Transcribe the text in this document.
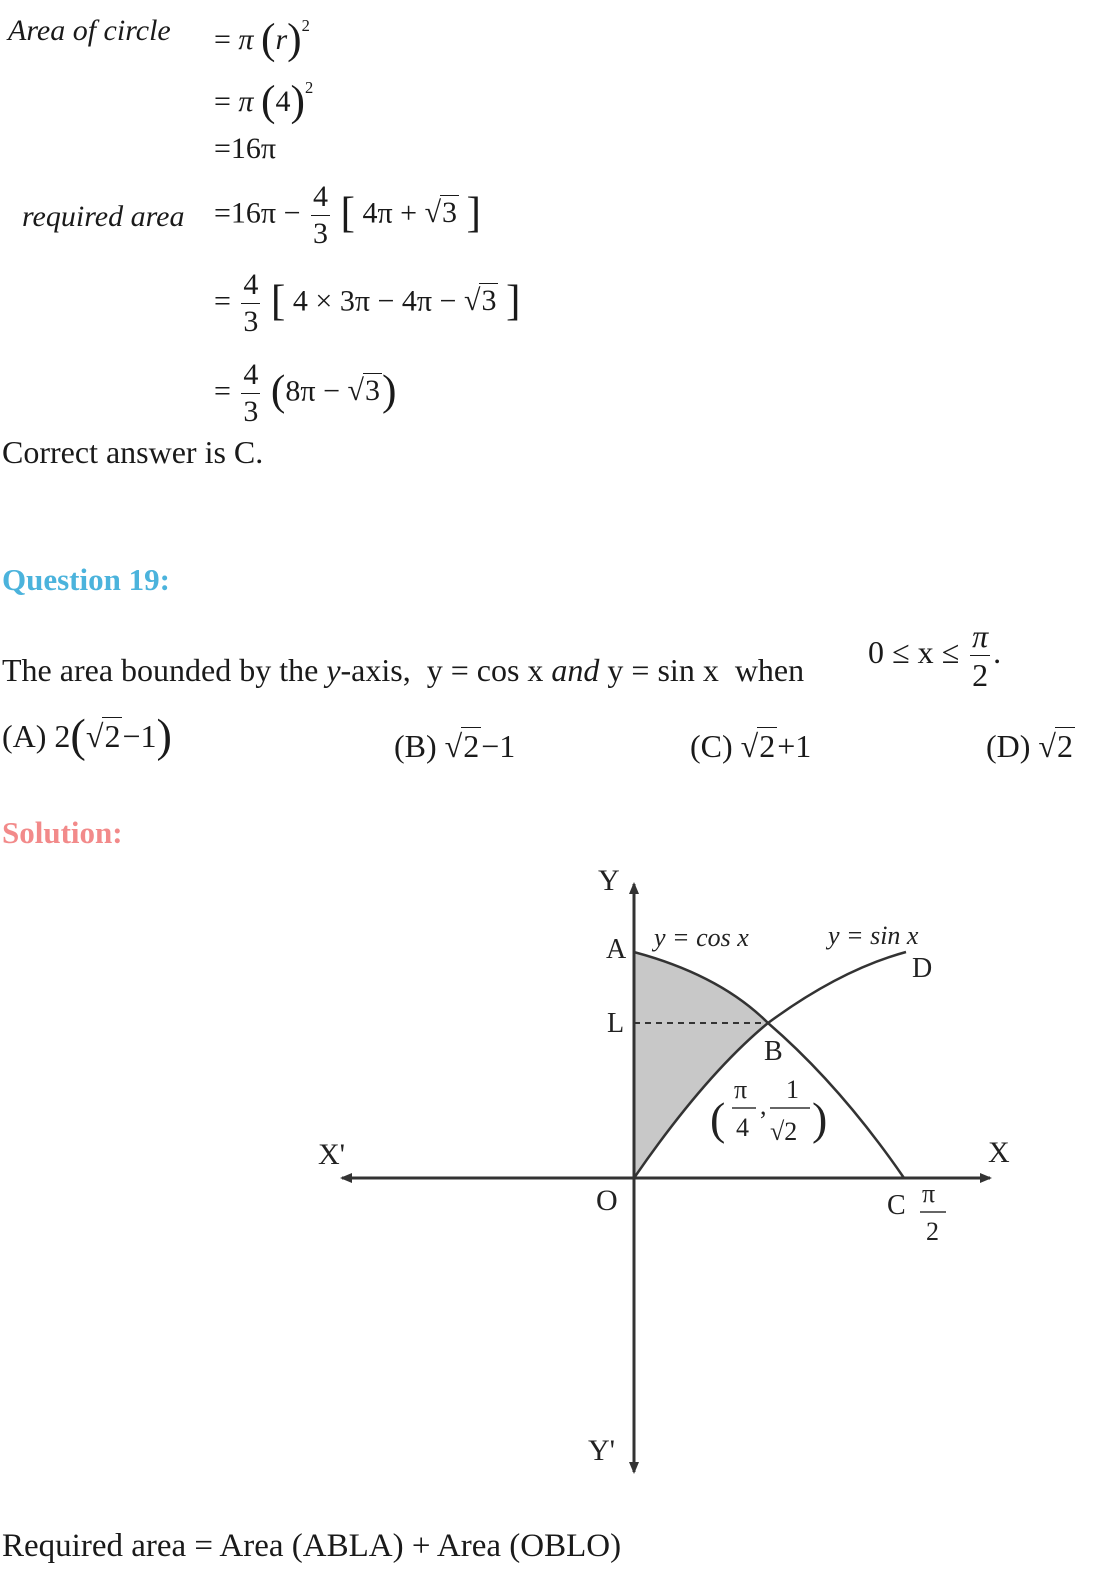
Area of circle = π $(r)^2$
= π $(4)^2$
=16π
required area $=16\pi - \frac{4}{3}$ [ 4π + √3 ]
= $\frac{4}{3}$ [ 4 × 3π − 4π − √3 ]
= $\frac{4}{3} (8\pi - √3)$
Correct answer is C.
Question 19:
The area bounded by the y-axis, y = cos x and y = sin x when
$0 \le x \le \frac{\pi}{2}$ .
(A) 2(√2−1)	(B) √2−1	(C) √2+1	(D) √2
Solution:
Y
Y'
X
X'
O
A
L
B
C
D
y = cos x	y = sin x
(
π
4
,
1
√2 )
π
2
Required area = Area (ABLA) + Area (OBLO)
